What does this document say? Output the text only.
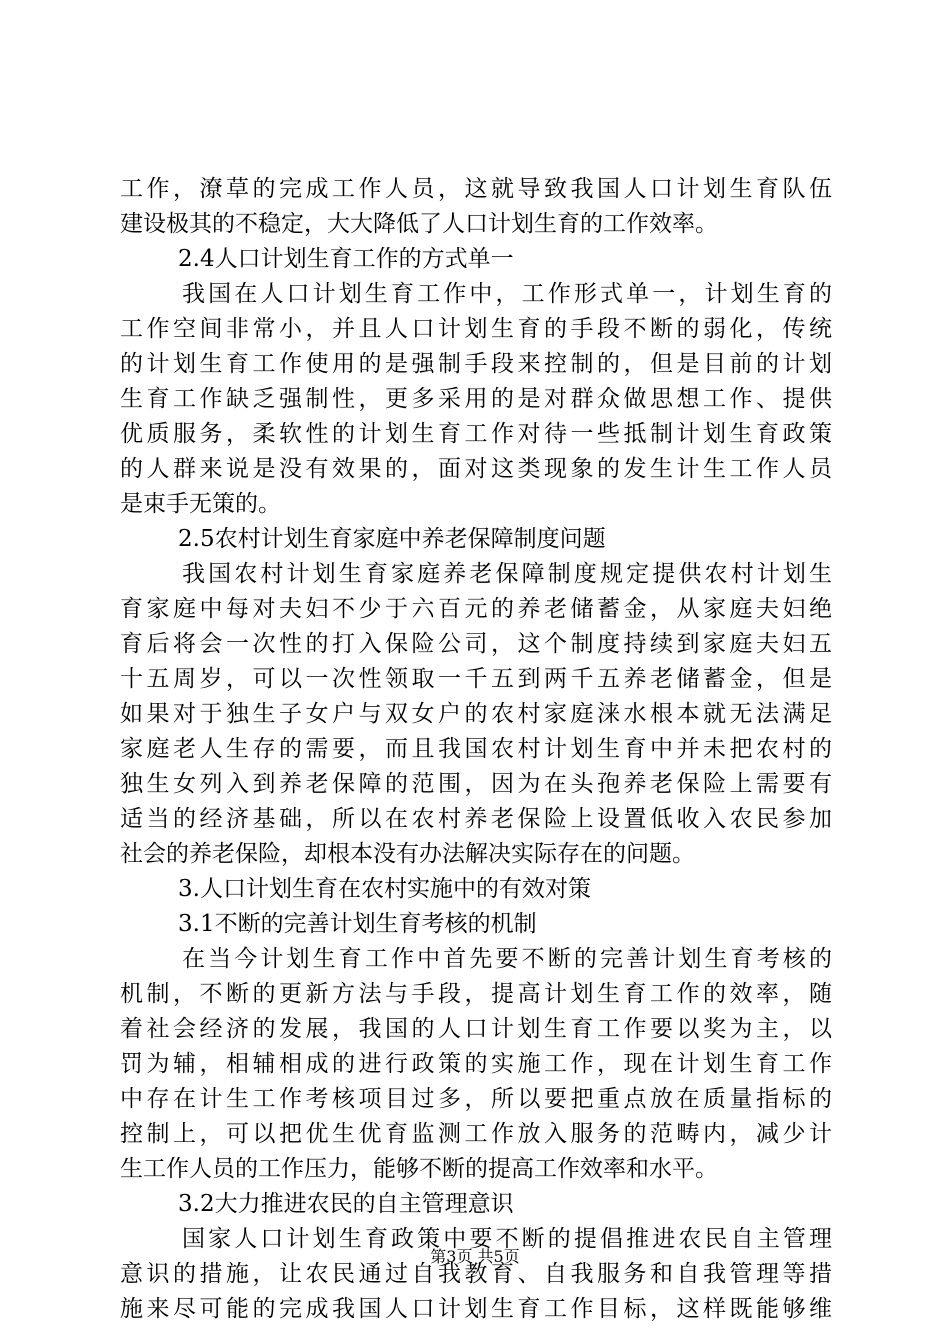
工作，潦草的完成工作人员，这就导致我国人口计划生育队伍
建设极其的不稳定，大大降低了人口计划生育的工作效率。
2.4人口计划生育工作的方式单一
我国在人口计划生育工作中，工作形式单一，计划生育的
工作空间非常小，并且人口计划生育的手段不断的弱化，传统
的计划生育工作使用的是强制手段来控制的，但是目前的计划
生育工作缺乏强制性，更多采用的是对群众做思想工作、提供
优质服务，柔软性的计划生育工作对待一些抵制计划生育政策
的人群来说是没有效果的，面对这类现象的发生计生工作人员
是束手无策的。
2.5农村计划生育家庭中养老保障制度问题
我国农村计划生育家庭养老保障制度规定提供农村计划生
育家庭中每对夫妇不少于六百元的养老储蓄金，从家庭夫妇绝
育后将会一次性的打入保险公司，这个制度持续到家庭夫妇五
十五周岁，可以一次性领取一千五到两千五养老储蓄金，但是
如果对于独生子女户与双女户的农村家庭涞水根本就无法满足
家庭老人生存的需要，而且我国农村计划生育中并未把农村的
独生女列入到养老保障的范围，因为在头孢养老保险上需要有
适当的经济基础，所以在农村养老保险上设置低收入农民参加
社会的养老保险，却根本没有办法解决实际存在的问题。
3.人口计划生育在农村实施中的有效对策
3.1不断的完善计划生育考核的机制
在当今计划生育工作中首先要不断的完善计划生育考核的
机制，不断的更新方法与手段，提高计划生育工作的效率，随
着社会经济的发展，我国的人口计划生育工作要以奖为主，以
罚为辅，相辅相成的进行政策的实施工作，现在计划生育工作
中存在计生工作考核项目过多，所以要把重点放在质量指标的
控制上，可以把优生优育监测工作放入服务的范畴内，减少计
生工作人员的工作压力，能够不断的提高工作效率和水平。
3.2大力推进农民的自主管理意识
国家人口计划生育政策中要不断的提倡推进农民自主管理
意识的措施，让农民通过自我教育、自我服务和自我管理等措
施来尽可能的完成我国人口计划生育工作目标，这样既能够维
第3页 共5页
